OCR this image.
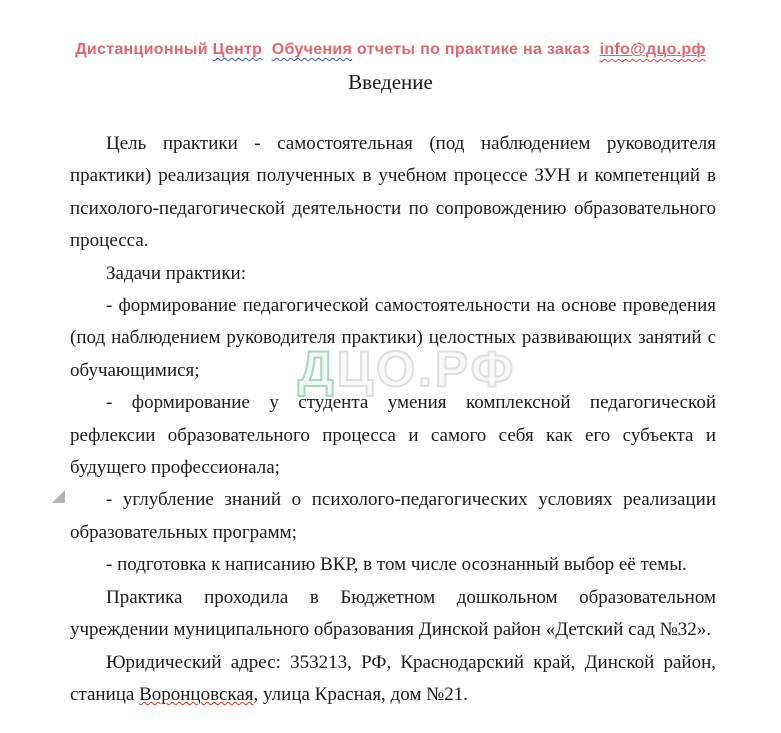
Дистанционный Центр Обучения отчеты по практике на заказ  info@дцо.рф
Введение
ДЦО.РФ

Цель практики - самостоятельная (под наблюдением руководителя практики) реализация полученных в учебном процессе ЗУН и компетенций в психолого-педагогической деятельности по сопровождению образовательного процесса.

Задачи практики:

- формирование педагогической самостоятельности на основе проведения (под наблюдением руководителя практики) целостных развивающих занятий с обучающимися;

- формирование у студента умения комплексной педагогической рефлексии образовательного процесса и самого себя как его субъекта и будущего профессионала;

- углубление знаний о психолого-педагогических условиях реализации образовательных программ;

- подготовка к написанию ВКР, в том числе осознанный выбор её темы.

Практика проходила в Бюджетном дошкольном образовательном учреждении муниципального образования Динской район «Детский сад №32».

Юридический адрес: 353213, РФ, Краснодарский край, Динской район, станица Воронцовская, улица Красная, дом №21.
